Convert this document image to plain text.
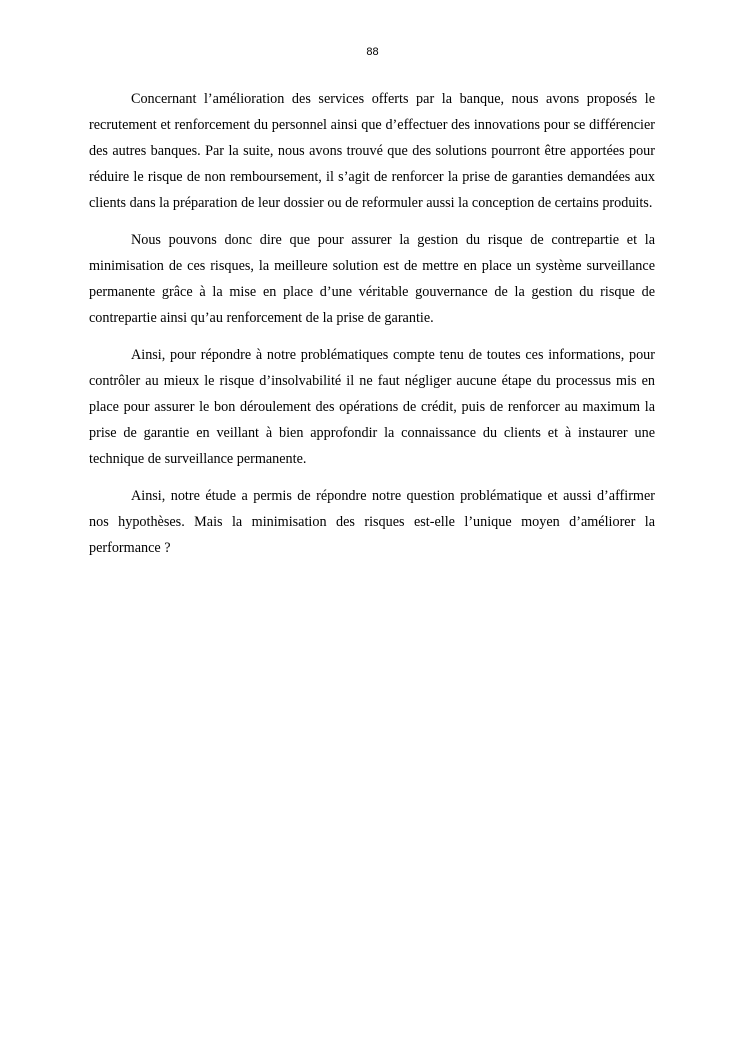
88

Concernant l’amélioration des services offerts par la banque, nous avons proposés le recrutement et renforcement du personnel ainsi que d’effectuer des innovations pour se différencier des autres banques. Par la suite, nous avons trouvé que des solutions pourront être apportées pour réduire le risque de non remboursement, il s’agit de renforcer la prise de garanties demandées aux clients dans la préparation de leur dossier ou de reformuler aussi la conception de certains produits.

Nous pouvons donc dire que pour assurer la gestion du risque de contrepartie et la minimisation de ces risques, la meilleure solution est de mettre en place un système surveillance permanente grâce à la mise en place d’une véritable gouvernance de la gestion du risque de contrepartie ainsi qu’au renforcement de la prise de garantie.

Ainsi, pour répondre à notre problématiques compte tenu de toutes ces informations, pour contrôler au mieux le risque d’insolvabilité il ne faut négliger aucune étape du processus mis en place pour assurer le bon déroulement des opérations de crédit, puis de renforcer au maximum la prise de garantie en veillant à bien approfondir la connaissance du clients et à instaurer une technique de surveillance permanente.

Ainsi, notre étude a permis de répondre notre question problématique et aussi d’affirmer nos hypothèses. Mais la minimisation des risques est-elle l’unique moyen d’améliorer la performance ?
